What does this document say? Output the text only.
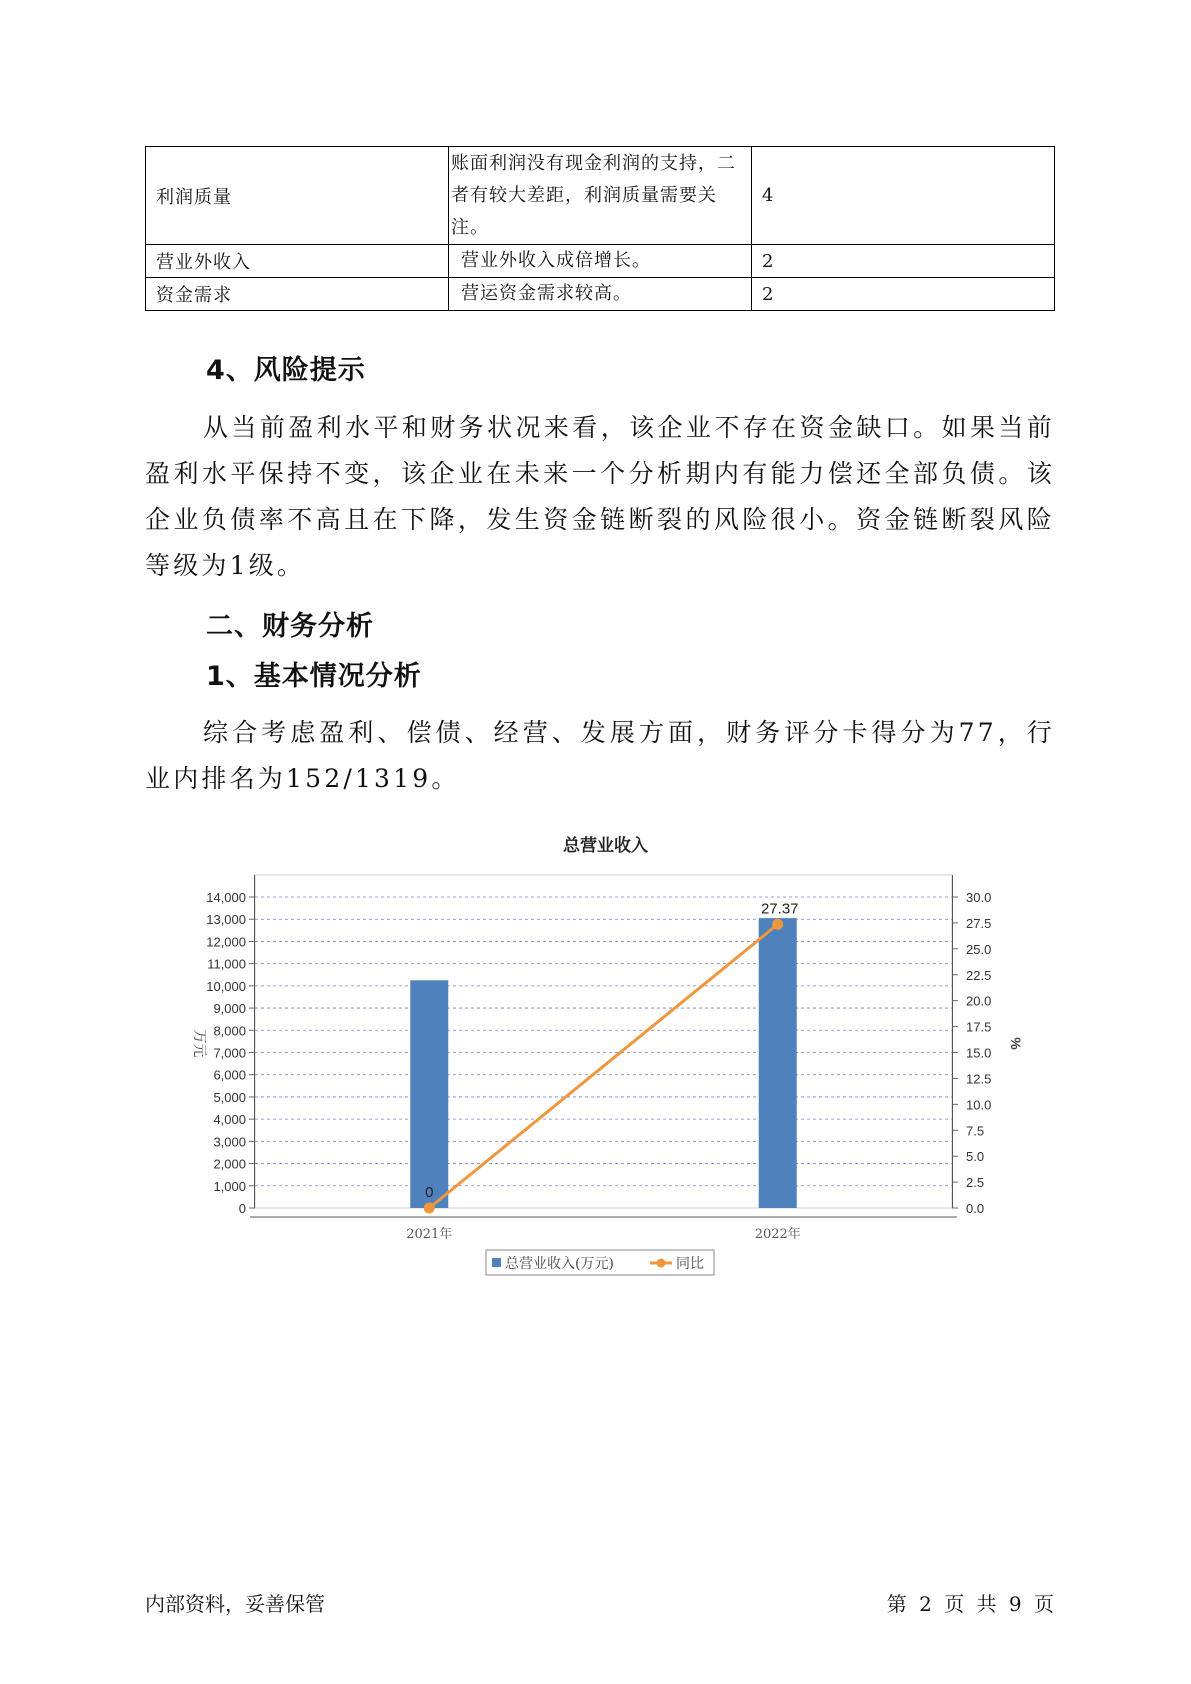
利润质量	账面利润没有现金利润的支持，二者有较大差距，利润质量需要关注。	4
营业外收入	营业外收入成倍增长。	2
资金需求	营运资金需求较高。	2
4、风险提示

从当前盈利水平和财务状况来看，该企业不存在资金缺口。如果当前盈利水平保持不变，该企业在未来一个分析期内有能力偿还全部负债。该企业负债率不高且在下降，发生资金链断裂的风险很小。资金链断裂风险等级为1级。

二、财务分析
1、基本情况分析

综合考虑盈利、偿债、经营、发展方面，财务评分卡得分为77，行业内排名为152/1319。

总营业收入
0
1,000
2,000
3,000
4,000
5,000
6,000
7,000
8,000
9,000
10,000
11,000
12,000
13,000
14,000
0.0
2.5
5.0
7.5
10.0
12.5
15.0
17.5
20.0
22.5
25.0
27.5
30.0
万元	%
2021年	2022年
0
27.37
总营业收入(万元)	同比
内部资料，妥善保管	第 2 页 共 9 页
